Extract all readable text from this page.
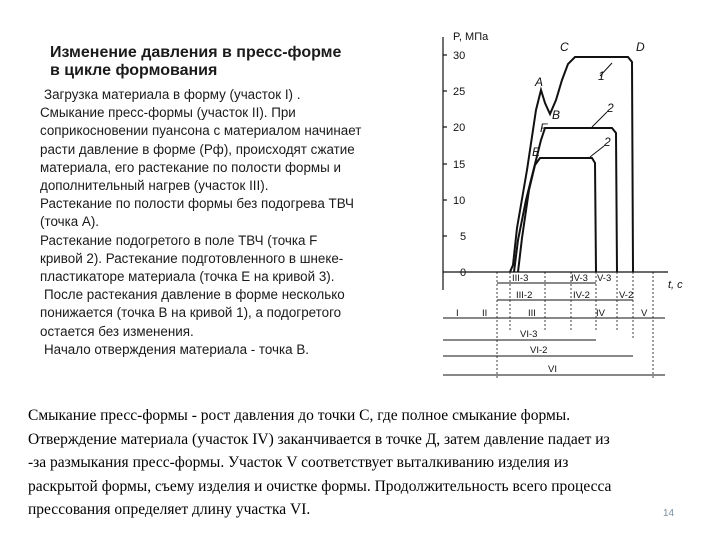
Изменение давления в пресс-форме
в цикле формования
Загрузка материала в форму (участок I) .
Смыкание пресс-формы (участок II). При
соприкосновении пуансона с материалом начинает
расти давление в форме (Рф), происходят сжатие
материала, его растекание по полости формы и
дополнительный нагрев (участок III).
Растекание по полости формы без подогрева ТВЧ
(точка А).
Растекание подогретого в поле ТВЧ (точка F
кривой 2). Растекание подготовленного в шнеке-
пластикаторе материала (точка Е на кривой 3).
После растекания давление в форме несколько
понижается (точка В на кривой 1), а подогретого
остается без изменения.
Начало отверждения материала - точка В.
P, МПа
30
25
20
15
10
5
0
t, с
C	D
A
B
F
E
1
2
2
III-3	IV-3 V-3
III-2	IV-2	V-2
I II	III	IV	V
VI-3
VI-2
VI
Смыкание пресс-формы - рост давления до точки С, где полное смыкание формы.
Отверждение материала (участок IV) заканчивается в точке Д, затем давление падает из
-за размыкания пресс-формы. Участок V соответствует выталкиванию изделия из
раскрытой формы, съему изделия и очистке формы. Продолжительность всего процесса
прессования определяет длину участка VI.	14
